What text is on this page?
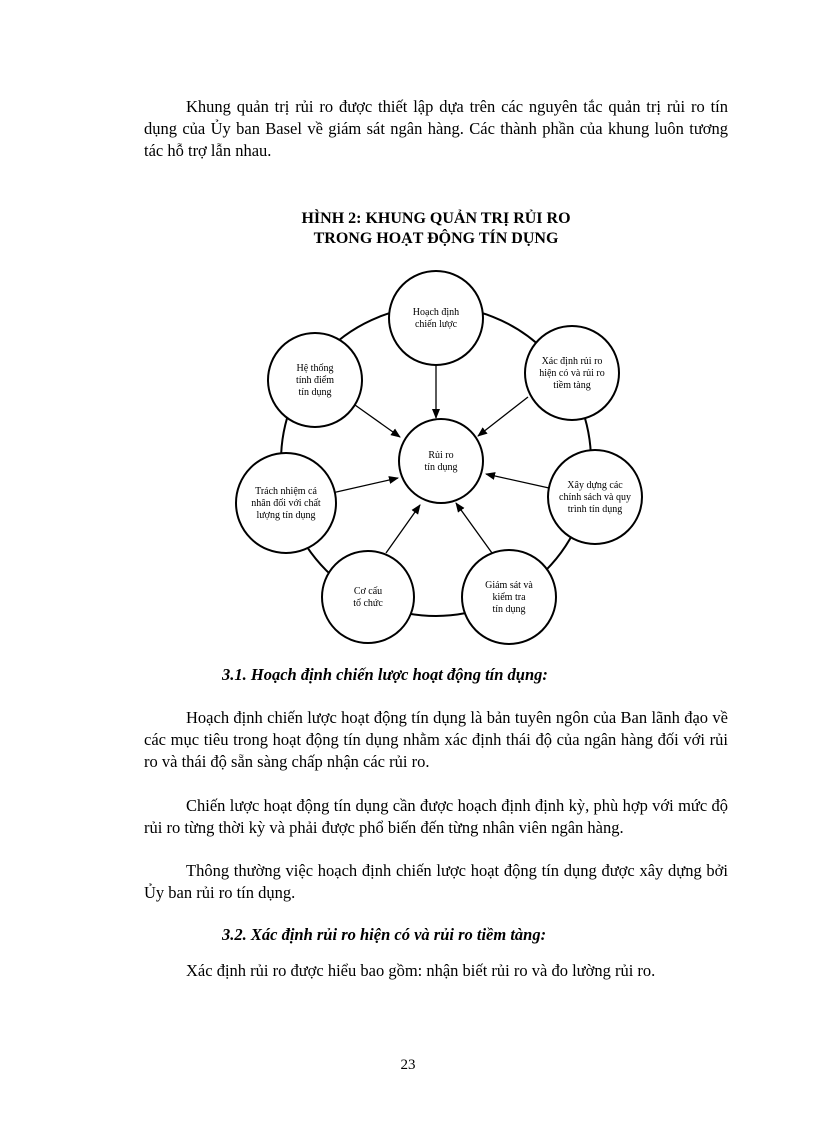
Khung quản trị rủi ro được thiết lập dựa trên các nguyên tắc quản trị rủi ro tín dụng của Ủy ban Basel về giám sát ngân hàng. Các thành phần của khung luôn tương tác hỗ trợ lẫn nhau.

HÌNH 2: KHUNG QUẢN TRỊ RỦI RO
TRONG HOẠT ĐỘNG TÍN DỤNG
Hoạch định chiến lược
Xác định rủi ro hiện có và rủi ro tiềm tàng
Xây dựng các chính sách và quy trình tín dụng
Giám sát và kiểm tra tín dụng
Cơ cấu tổ chức
Trách nhiệm cá nhân đối với chất lượng tín dụng
Hệ thống tính điểm tín dụng
Rủi ro tín dụng

3.1. Hoạch định chiến lược hoạt động tín dụng:

Hoạch định chiến lược hoạt động tín dụng là bản tuyên ngôn của Ban lãnh đạo về các mục tiêu trong hoạt động tín dụng nhằm xác định thái độ của ngân hàng đối với rủi ro và thái độ sẵn sàng chấp nhận các rủi ro.

Chiến lược hoạt động tín dụng cần được hoạch định định kỳ, phù hợp với mức độ rủi ro từng thời kỳ và phải được phổ biến đến từng nhân viên ngân hàng.

Thông thường việc hoạch định chiến lược hoạt động tín dụng được xây dựng bởi Ủy ban rủi ro tín dụng.

3.2. Xác định rủi ro hiện có và rủi ro tiềm tàng:

Xác định rủi ro được hiểu bao gồm: nhận biết rủi ro và đo lường rủi ro.

23
